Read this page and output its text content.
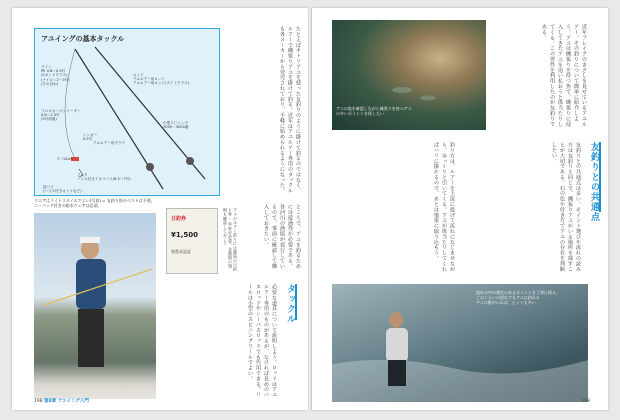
アユイングの基本タックル
ライン
PE 0.8〜0.5号
(2ポンドクラス)
(ナイロン2〜3号)
(そのほか)
ロッド
アユルアー用ロッド
アユルアー用ロッド(ライトクラス)
小型スピニング
2000〜3000番
フロロカーボンリーダー
0.8〜1.5号
(5号前後)
シンカー
0.5号
アユルアー用プラグ
7〜10cm
フック
ハリス付きイカリバリ(6.5〜7号)
逆バリ
(ハリス付きオトリなど)	たとえばオトリアユを使った友釣りのように掛けて釣るのではなく、ルアーで縄張りアユを掛けて釣る。近年はアユルアー専用のタックルも各メーカーから発売されており、手軽に始められるようになった。
ところで、アユを釣るためには遊漁券が必要である。各河川の漁協が発行しているので、事前に確認して購入しておきたい。
ウエアはライトスタイルでよい(写真) = 友釣り用のベストは不要。
ニーパッド付きの防水ウェアは必須。
日釣券
¥1,500
遊漁承認証	アユのルアー釣りには漁協の日釣り券・ 年券が必要。各漁協の規則も確認しておこう
タックル
必要な道具について説明しよう。ロッドはアユルアー専用のものがあるが、なければ長めのバスロッドやシーバスロッドでも代用できる。リールは小型のスピニングリールでよい。
198 第8章 アユイング入門
アユの姿を確認しながら縄張りを持つアユ
の多いポイントを探したい	近年ブレイクのきざしを見せているアユルアー。その釣りについて簡単に紹介しよう。アユは縄張りを持つ魚で、縄張りに侵入してきたアユを追い払おうと体当たりしてくる。この習性を利用したのが友釣りである。
友釣りとの共通点
友釣りとの共通点は多い。ポイント選びや流れの読み方は友釣りと同じで、縄張りアユがいる場所を探すことが大切である。石の色や付き方でアユの存在を判断したい。
釣り方は、ルアーを上流に投げて流れになじませながら、ゆっくりと引いてくる。アユが体当たりしてくればハリに掛かるので、あとは慎重に取り込もう。
流れの中の変化のあるポイントを丁寧に探る。
このくらいの流れでもアユは釣れる
アユの数がいれば、ヒットも多い
199
